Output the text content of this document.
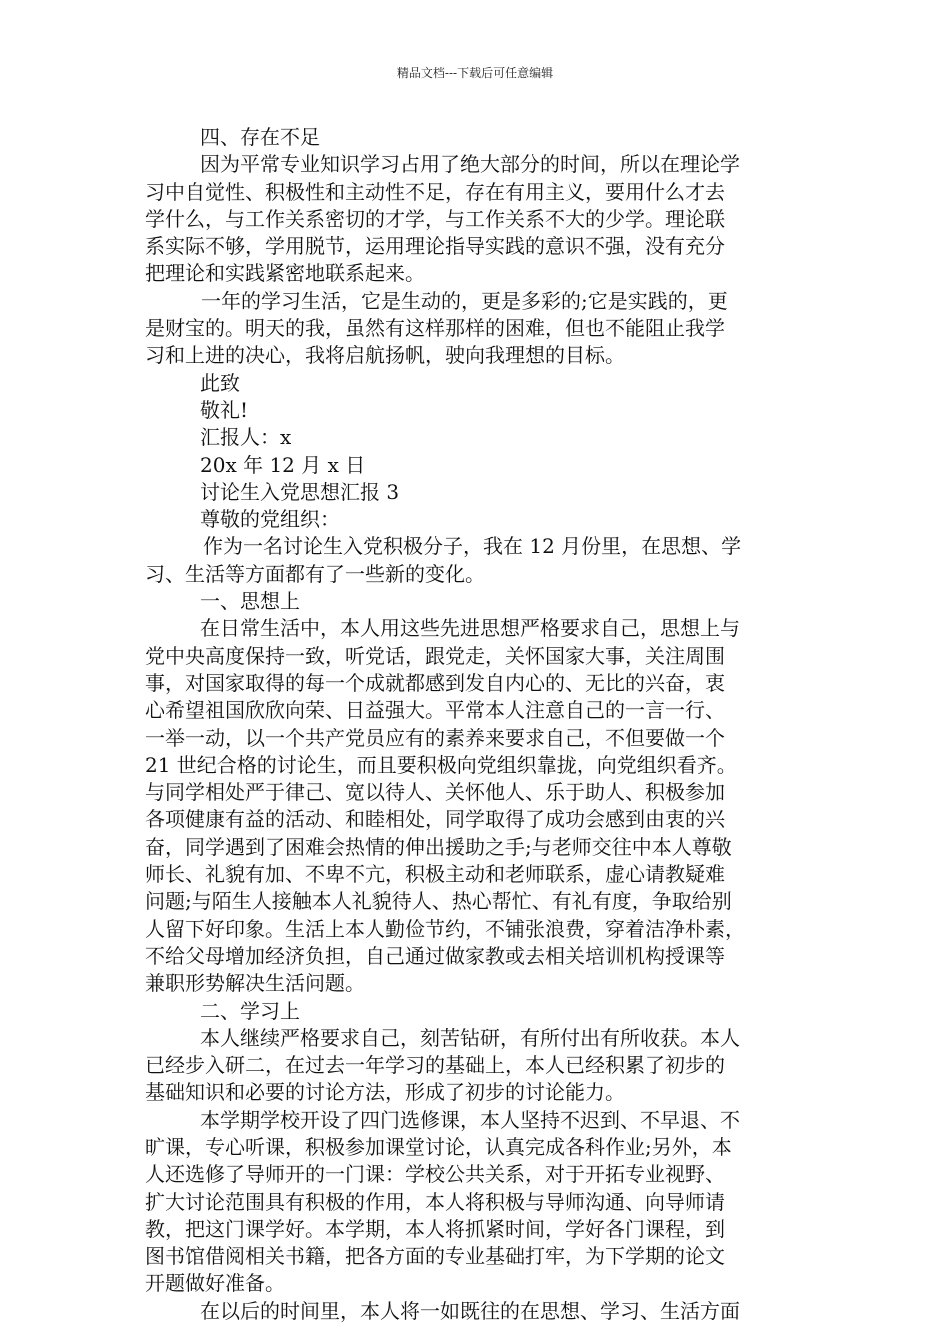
精品文档---下载后可任意编辑
四、存在不足
因为平常专业知识学习占用了绝大部分的时间，所以在理论学
习中自觉性、积极性和主动性不足，存在有用主义，要用什么才去
学什么，与工作关系密切的才学，与工作关系不大的少学。理论联
系实际不够，学用脱节，运用理论指导实践的意识不强，没有充分
把理论和实践紧密地联系起来。
一年的学习生活，它是生动的，更是多彩的;它是实践的，更
是财宝的。明天的我，虽然有这样那样的困难，但也不能阻止我学
习和上进的决心，我将启航扬帆，驶向我理想的目标。
此致
敬礼!
汇报人：x
20x 年 12 月 x 日
讨论生入党思想汇报 3
尊敬的党组织：
作为一名讨论生入党积极分子，我在 12 月份里，在思想、学
习、生活等方面都有了一些新的变化。
一、思想上
在日常生活中，本人用这些先进思想严格要求自己，思想上与
党中央高度保持一致，听党话，跟党走，关怀国家大事，关注周围
事，对国家取得的每一个成就都感到发自内心的、无比的兴奋，衷
心希望祖国欣欣向荣、日益强大。平常本人注意自己的一言一行、
一举一动，以一个共产党员应有的素养来要求自己，不但要做一个
21 世纪合格的讨论生，而且要积极向党组织靠拢，向党组织看齐。
与同学相处严于律己、宽以待人、关怀他人、乐于助人、积极参加
各项健康有益的活动、和睦相处，同学取得了成功会感到由衷的兴
奋，同学遇到了困难会热情的伸出援助之手;与老师交往中本人尊敬
师长、礼貌有加、不卑不亢，积极主动和老师联系，虚心请教疑难
问题;与陌生人接触本人礼貌待人、热心帮忙、有礼有度，争取给别
人留下好印象。生活上本人勤俭节约，不铺张浪费，穿着洁净朴素，
不给父母增加经济负担，自己通过做家教或去相关培训机构授课等
兼职形势解决生活问题。
二、学习上
本人继续严格要求自己，刻苦钻研，有所付出有所收获。本人
已经步入研二，在过去一年学习的基础上，本人已经积累了初步的
基础知识和必要的讨论方法，形成了初步的讨论能力。
本学期学校开设了四门选修课，本人坚持不迟到、不早退、不
旷课，专心听课，积极参加课堂讨论，认真完成各科作业;另外，本
人还选修了导师开的一门课：学校公共关系，对于开拓专业视野、
扩大讨论范围具有积极的作用，本人将积极与导师沟通、向导师请
教，把这门课学好。本学期，本人将抓紧时间，学好各门课程，到
图书馆借阅相关书籍，把各方面的专业基础打牢，为下学期的论文
开题做好准备。
在以后的时间里，本人将一如既往的在思想、学习、生活方面
